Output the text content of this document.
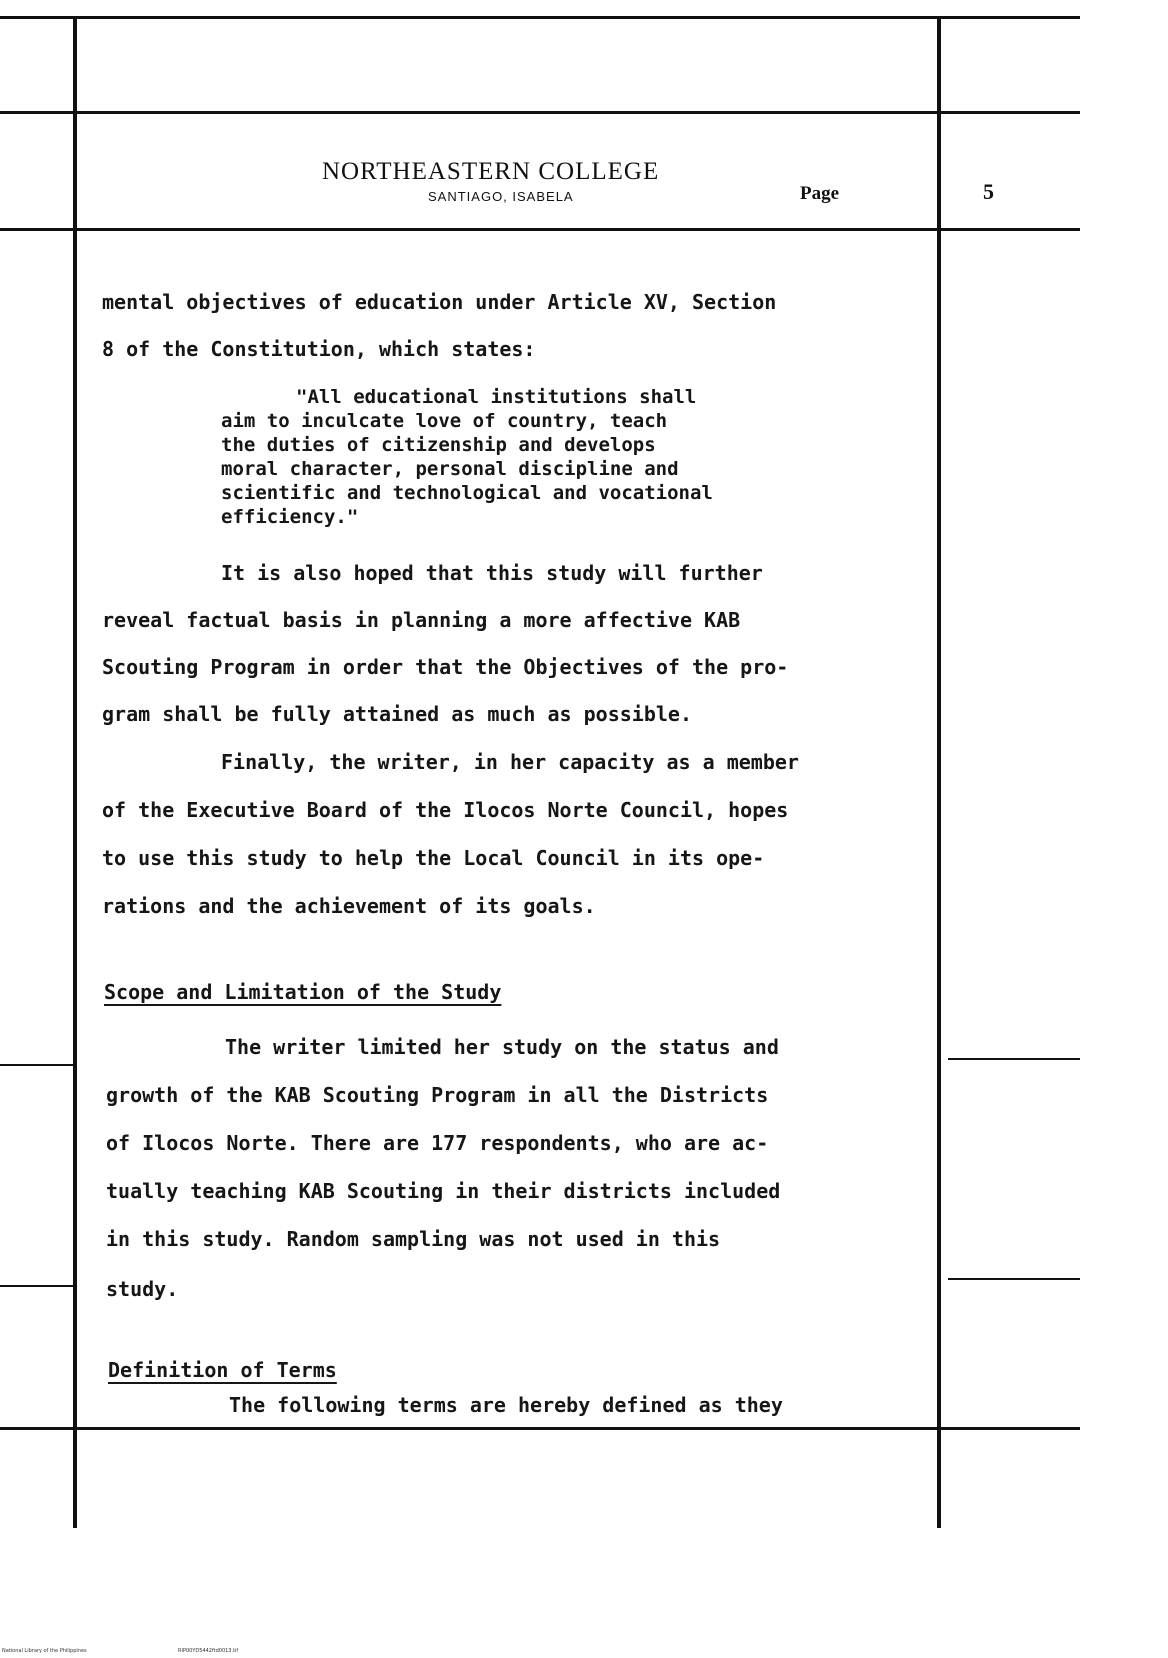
NORTHEASTERN COLLEGE
SANTIAGO, ISABELA	Page	5
mental objectives of education under Article XV, Section
8 of the Constitution, which states:
"All educational institutions shall
aim to inculcate love of country, teach
the duties of citizenship and develops
moral character, personal discipline and
scientific and technological and vocational
efficiency."
It is also hoped that this study will further
reveal factual basis in planning a more affective KAB
Scouting Program in order that the Objectives of the pro-
gram shall be fully attained as much as possible.
Finally, the writer, in her capacity as a member
of the Executive Board of the Ilocos Norte Council, hopes
to use this study to help the Local Council in its ope-
rations and the achievement of its goals.
Scope and Limitation of the Study
The writer limited her study on the status and
growth of the KAB Scouting Program in all the Districts
of Ilocos Norte. There are 177 respondents, who are ac-
tually teaching KAB Scouting in their districts included
in this study. Random sampling was not used in this
study.
Definition of Terms
The following terms are hereby defined as they
National Library of the Philippines	RIP00YD5442ftd0013.tif
